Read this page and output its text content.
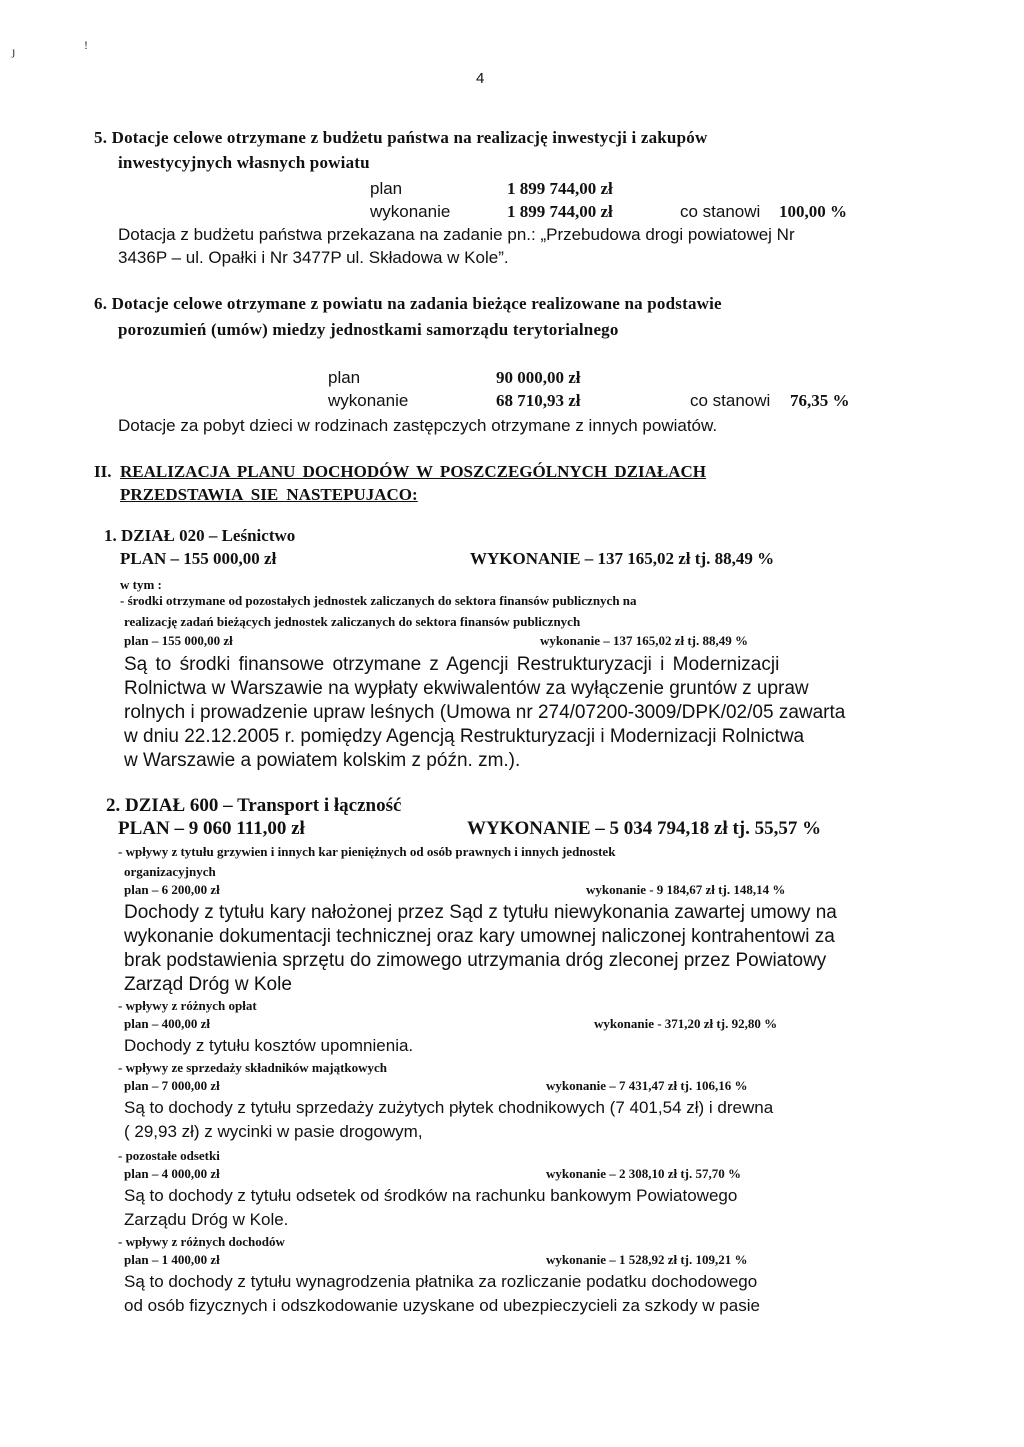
ȷ	!
4
5. Dotacje celowe otrzymane z budżetu państwa na realizację inwestycji i zakupów
inwestycyjnych własnych powiatu
plan	1 899 744,00 zł
wykonanie	1 899 744,00 zł	co stanowi 100,00 %
Dotacja z budżetu państwa przekazana na zadanie pn.: „Przebudowa drogi powiatowej Nr
3436P – ul. Opałki i Nr 3477P ul. Składowa w Kole”.
6. Dotacje celowe otrzymane z powiatu na zadania bieżące realizowane na podstawie
porozumień (umów) miedzy jednostkami samorządu terytorialnego
plan	90 000,00 zł
wykonanie	68 710,93 zł	co stanowi 76,35 %
Dotacje za pobyt dzieci w rodzinach zastępczych otrzymane z innych powiatów.
II. REALIZACJA PLANU DOCHODÓW W POSZCZEGÓLNYCH DZIAŁACH
PRZEDSTAWIA SIE NASTEPUJACO:
1. DZIAŁ 020 – Leśnictwo
PLAN – 155 000,00 zł	WYKONANIE – 137 165,02 zł tj. 88,49 %
w tym :
- środki otrzymane od pozostałych jednostek zaliczanych do sektora finansów publicznych na
realizację zadań bieżących jednostek zaliczanych do sektora finansów publicznych
plan – 155 000,00 zł	wykonanie – 137 165,02 zł tj. 88,49 %
Są to środki finansowe otrzymane z Agencji Restrukturyzacji i Modernizacji
Rolnictwa w Warszawie na wypłaty ekwiwalentów za wyłączenie gruntów z upraw
rolnych i prowadzenie upraw leśnych (Umowa nr 274/07200-3009/DPK/02/05 zawarta
w dniu 22.12.2005 r. pomiędzy Agencją Restrukturyzacji i Modernizacji Rolnictwa
w Warszawie a powiatem kolskim z późn. zm.).
2. DZIAŁ 600 – Transport i łączność
PLAN – 9 060 111,00 zł	WYKONANIE – 5 034 794,18 zł tj. 55,57 %
- wpływy z tytułu grzywien i innych kar pieniężnych od osób prawnych i innych jednostek
organizacyjnych
plan – 6 200,00 zł	wykonanie - 9 184,67 zł tj. 148,14 %
Dochody z tytułu kary nałożonej przez Sąd z tytułu niewykonania zawartej umowy na
wykonanie dokumentacji technicznej oraz kary umownej naliczonej kontrahentowi za
brak podstawienia sprzętu do zimowego utrzymania dróg zleconej przez Powiatowy
Zarząd Dróg w Kole
- wpływy z różnych opłat
plan – 400,00 zł	wykonanie - 371,20 zł tj. 92,80 %
Dochody z tytułu kosztów upomnienia.
- wpływy ze sprzedaży składników majątkowych
plan – 7 000,00 zł	wykonanie – 7 431,47 zł tj. 106,16 %
Są to dochody z tytułu sprzedaży zużytych płytek chodnikowych (7 401,54 zł) i drewna
( 29,93 zł) z wycinki w pasie drogowym,
- pozostałe odsetki
plan – 4 000,00 zł	wykonanie – 2 308,10 zł tj. 57,70 %
Są to dochody z tytułu odsetek od środków na rachunku bankowym Powiatowego
Zarządu Dróg w Kole.
- wpływy z różnych dochodów
plan – 1 400,00 zł	wykonanie – 1 528,92 zł tj. 109,21 %
Są to dochody z tytułu wynagrodzenia płatnika za rozliczanie podatku dochodowego
od osób fizycznych i odszkodowanie uzyskane od ubezpieczycieli za szkody w pasie
